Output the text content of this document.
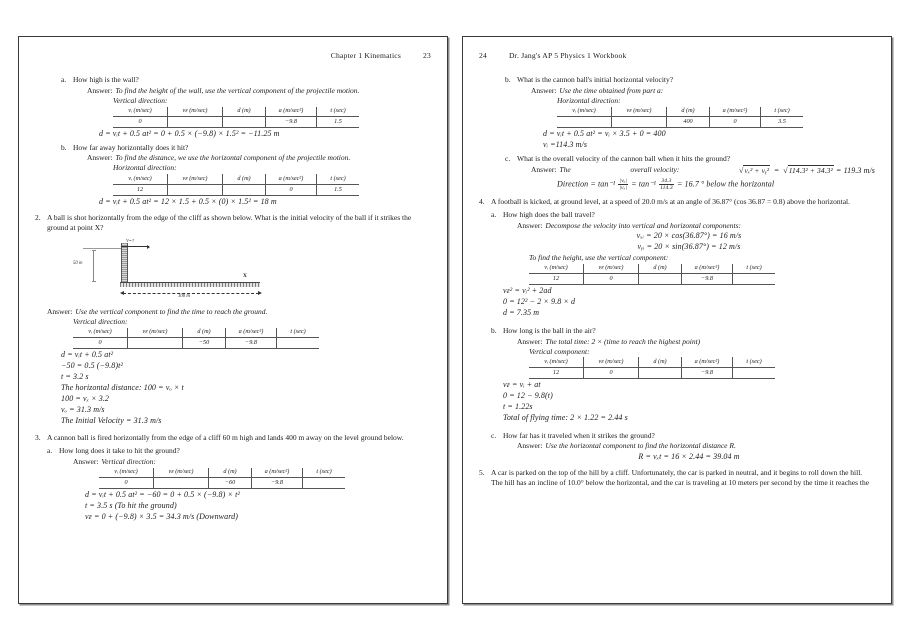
Chapter 1 Kinematics	23
a. How high is the wall?
Answer: To find the height of the wall, use the vertical component of the projectile motion.
Vertical direction:
vᵢ (m/sec)	vғ (m/sec)	d (m)	a (m/sec²)	t (sec)
0			−9.8	1.5
d = vᵢt + 0.5 at² = 0 + 0.5 × (−9.8) × 1.5² = −11.25 m
b. How far away horizontally does it hit?
Answer: To find the distance, we use the horizontal component of the projectile motion.
Horizontal direction:
vᵢ (m/sec)	vғ (m/sec)	d (m)	a (m/sec²)	t (sec)
12			0	1.5
d = vᵢt + 0.5 at² = 12 × 1.5 + 0.5 × (0) × 1.5² = 18 m
2. A ball is shot horizontally from the edge of the cliff as shown below. What is the initial velocity of the ball if it strikes the ground at point X?
V=?
50 m
X
100 m
Answer: Use the vertical component to find the time to reach the ground.
Vertical direction:
vᵢ (m/sec)	vғ (m/sec)	d (m)	a (m/sec²)	t (sec)
0		−50	−9.8	
d = vᵢt + 0.5 at²
−50 = 0.5 (−9.8)t²
t = 3.2 s
The horizontal distance: 100 = vₒ × t
100 = vₓ × 3.2
vₒ = 31.3 m/s
The Initial Velocity = 31.3 m/s
3. A cannon ball is fired horizontally from the edge of a cliff 60 m high and lands 400 m away on the level ground below.
a. How long does it take to hit the ground?
Answer: Vertical direction:
vᵢ (m/sec)	vғ (m/sec)	d (m)	a (m/sec²)	t (sec)
0		−60	−9.8	
d = vᵢt + 0.5 at² = −60 = 0 + 0.5 × (−9.8) × t²
t = 3.5 s (To hit the ground)
vғ = 0 + (−9.8) × 3.5 = 34.3 m/s (Downward)
24	Dr. Jang's AP 5 Physics 1 Workbook
b. What is the cannon ball's initial horizontal velocity?
Answer: Use the time obtained from part a:
Horizontal direction:
vᵢ (m/sec)	vғ (m/sec)	d (m)	a (m/sec²)	t (sec)
		400	0	3.5
d = vᵢt + 0.5 at² = vᵢ × 3.5 + 0 = 400
vᵢ =114.3 m/s
c. What is the overall velocity of the cannon ball when it hits the ground?
Answer: The	overall velocity:	√vₓ² + vᵧ²  =  √114.3² + 34.3² = 119.3 m/s
Direction = $\tan^{-1} \frac{\text{|vᵧ|}}{\text{|vₓ|}} = \tan^{-1} \frac{34.3}{114.3} = 16.7$ ° below the horizontal
4. A football is kicked, at ground level, at a speed of 20.0 m/s at an angle of 36.87° (cos 36.87 = 0.8) above the horizontal.
a. How high does the ball travel?
Answer: Decompose the velocity into vertical and horizontal components:
vₓᵢ = 20 × cos(36.87°) = 16 m/s
vᵧᵢ = 20 × sin(36.87°) = 12 m/s
To find the height, use the vertical component:
vᵢ (m/sec)	vғ (m/sec)	d (m)	a (m/sec²)	t (sec)
12	0		−9.8	
vғ² = vᵢ² + 2ad
0 = 12² − 2 × 9.8 × d
d = 7.35 m
b. How long is the ball in the air?
Answer: The total time: 2 × (time to reach the highest point)
Vertical component:
vᵢ (m/sec)	vғ (m/sec)	d (m)	a (m/sec²)	t (sec)
12	0		−9.8	
vғ = vᵢ + at
0 = 12 − 9.8(t)
t = 1.22s
Total of flying time: 2 × 1.22 = 2.44 s
c. How far has it traveled when it strikes the ground?
Answer: Use the horizontal component to find the horizontal distance R.
R = vₓt = 16 × 2.44 = 39.04 m
5. A car is parked on the top of the hill by a cliff. Unfortunately, the car is parked in neutral, and it begins to roll down the hill. The hill has an incline of 10.0° below the horizontal, and the car is traveling at 10 meters per second by the time it reaches the
